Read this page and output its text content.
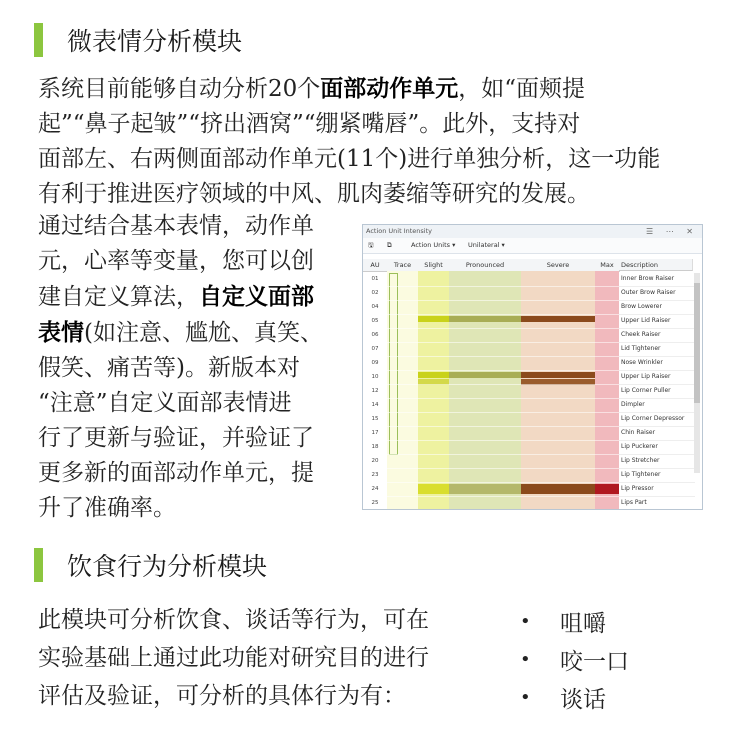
微表情分析模块
系统目前能够自动分析20个面部动作单元，如“面颊提
起”“鼻子起皱”“挤出酒窝”“绷紧嘴唇”。此外，支持对
面部左、右两侧面部动作单元(11个)进行单独分析，这一功能
有利于推进医疗领域的中风、肌肉萎缩等研究的发展。
通过结合基本表情，动作单
元，心率等变量，您可以创
建自定义算法，自定义面部
表情(如注意、尴尬、真笑、
假笑、痛苦等)。新版本对
“注意”自定义面部表情进
行了更新与验证，并验证了
更多新的面部动作单元，提
升了准确率。
Action Unit Intensity	☰ ⋯ ✕
🖫 ⧉	Action Units ▾ Unilateral ▾
AU	Trace	Slight	Pronounced	Severe	Max	Description
01	Inner Brow Raiser
02	Outer Brow Raiser
04	Brow Lowerer
05	Upper Lid Raiser
06	Cheek Raiser
07	Lid Tightener
09	Nose Wrinkler
10	Upper Lip Raiser
12	Lip Corner Puller
14	Dimpler
15	Lip Corner Depressor
17	Chin Raiser
18	Lip Puckerer
20	Lip Stretcher
23	Lip Tightener
24	Lip Pressor
25	Lips Part
饮食行为分析模块
此模块可分析饮食、谈话等行为，可在
实验基础上通过此功能对研究目的进行
评估及验证，可分析的具体行为有：
•	咀嚼
•	咬一口
•	谈话
